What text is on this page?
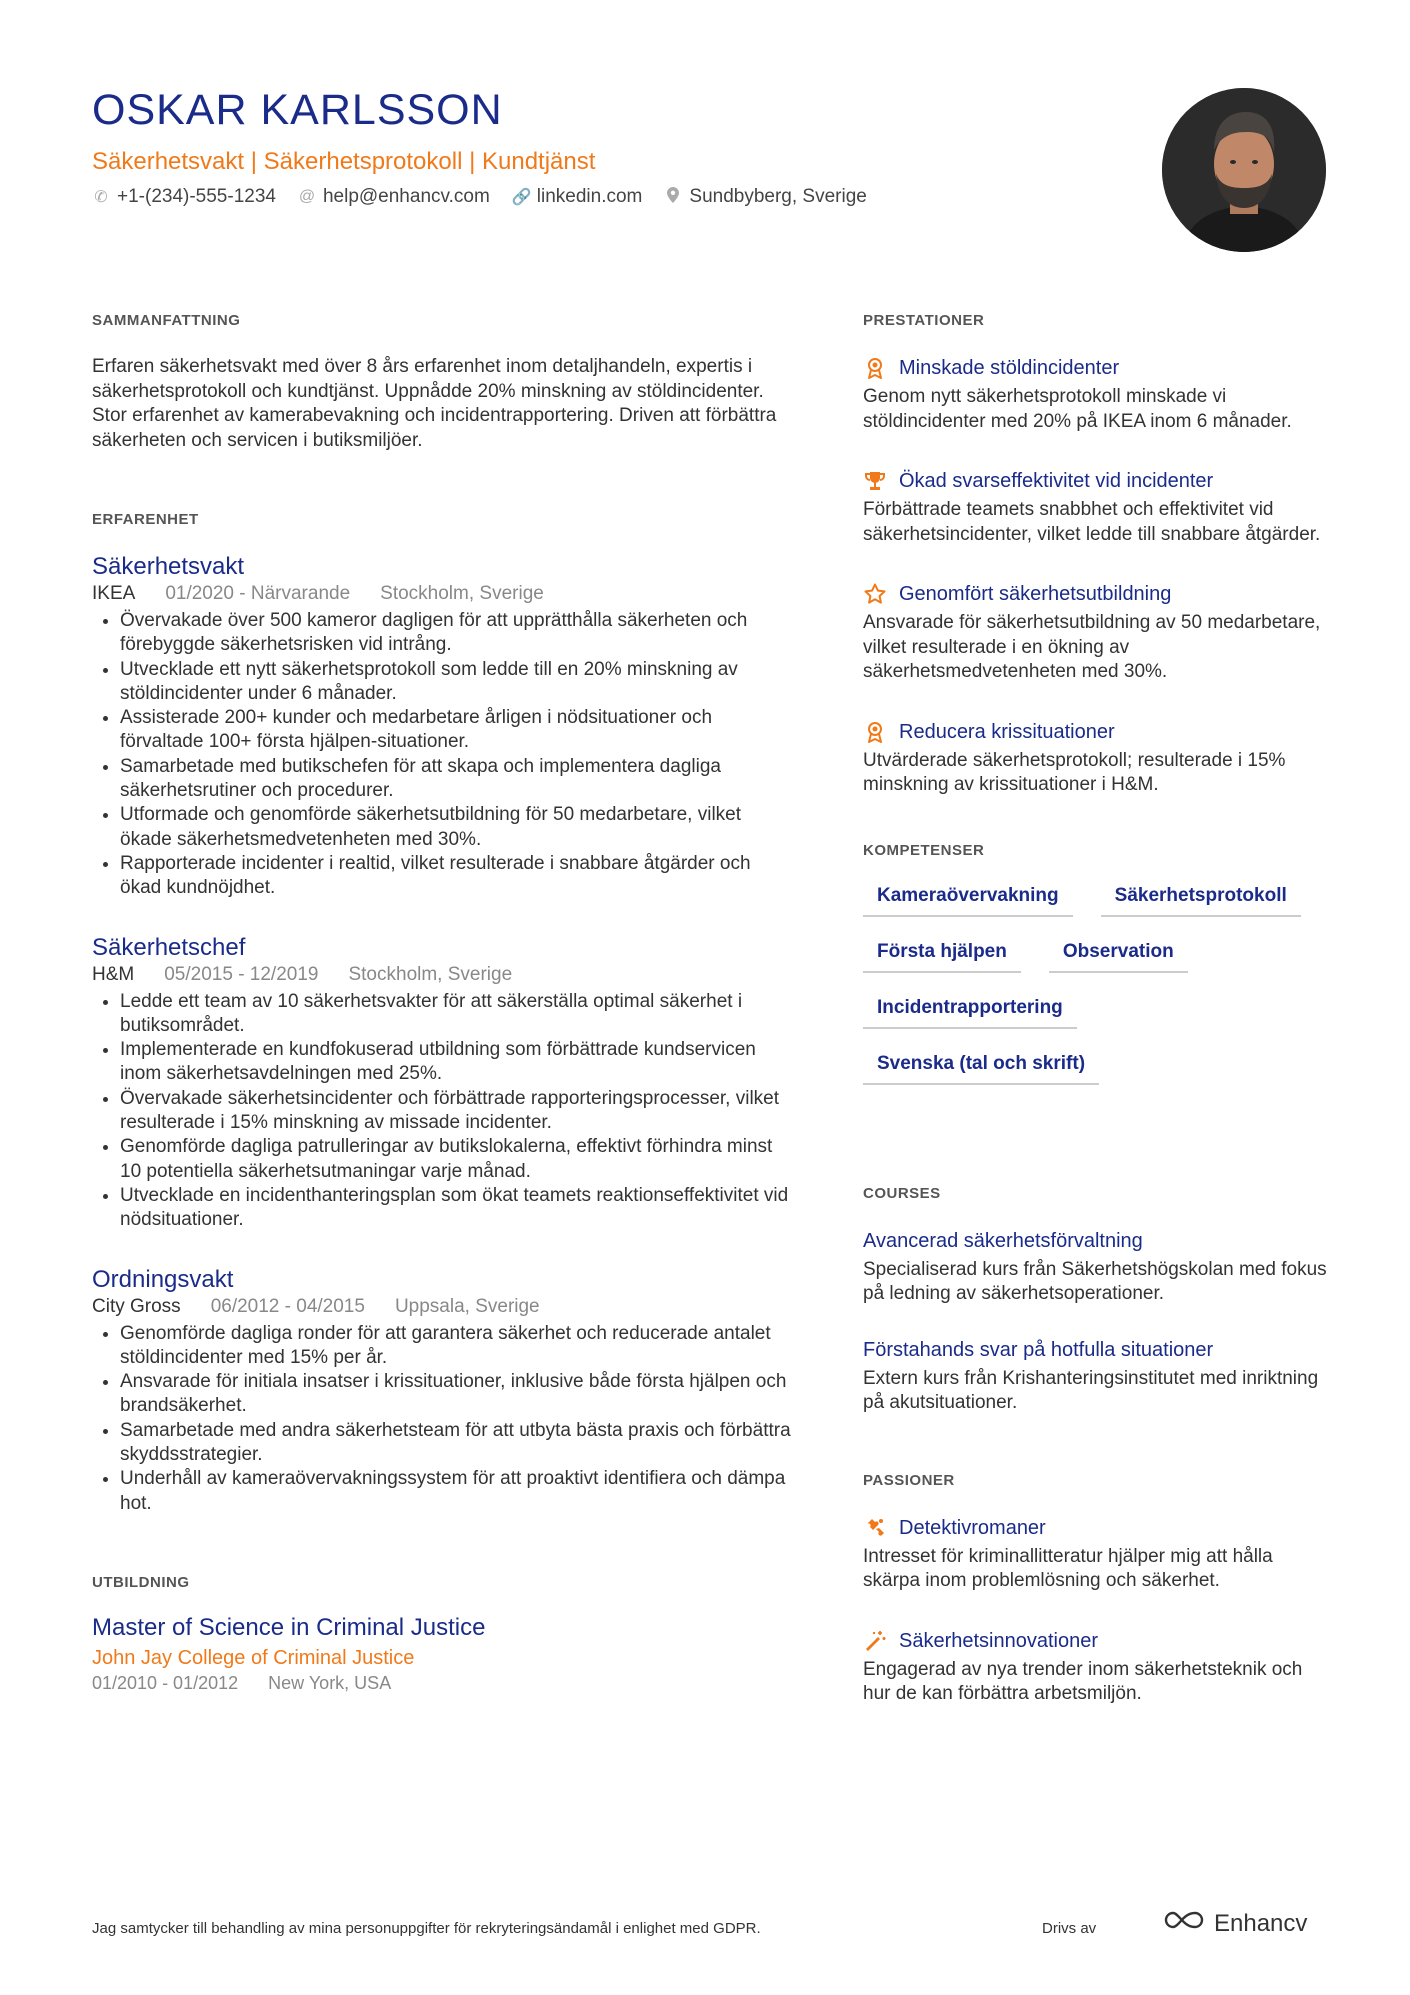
OSKAR KARLSSON
Säkerhetsvakt | Säkerhetsprotokoll | Kundtjänst
✆ +1-(234)-555-1234 @ help@enhancv.com 🔗 linkedin.com Sundbyberg, Sverige
SAMMANFATTNING

Erfaren säkerhetsvakt med över 8 års erfarenhet inom detaljhandeln, expertis i säkerhetsprotokoll och kundtjänst. Uppnådde 20% minskning av stöldincidenter. Stor erfarenhet av kamerabevakning och incidentrapportering. Driven att förbättra säkerheten och servicen i butiksmiljöer.

ERFARENHET
Säkerhetsvakt
IKEA 01/2020 - Närvarande Stockholm, Sverige
• Övervakade över 500 kameror dagligen för att upprätthålla säkerheten och förebyggde säkerhetsrisken vid intrång.
• Utvecklade ett nytt säkerhetsprotokoll som ledde till en 20% minskning av stöldincidenter under 6 månader.
• Assisterade 200+ kunder och medarbetare årligen i nödsituationer och förvaltade 100+ första hjälpen-situationer.
• Samarbetade med butikschefen för att skapa och implementera dagliga säkerhetsrutiner och procedurer.
• Utformade och genomförde säkerhetsutbildning för 50 medarbetare, vilket ökade säkerhetsmedvetenheten med 30%.
• Rapporterade incidenter i realtid, vilket resulterade i snabbare åtgärder och ökad kundnöjdhet.
Säkerhetschef
H&M 05/2015 - 12/2019 Stockholm, Sverige
• Ledde ett team av 10 säkerhetsvakter för att säkerställa optimal säkerhet i butiksområdet.
• Implementerade en kundfokuserad utbildning som förbättrade kundservicen inom säkerhetsavdelningen med 25%.
• Övervakade säkerhetsincidenter och förbättrade rapporteringsprocesser, vilket resulterade i 15% minskning av missade incidenter.
• Genomförde dagliga patrulleringar av butikslokalerna, effektivt förhindra minst 10 potentiella säkerhetsutmaningar varje månad.
• Utvecklade en incidenthanteringsplan som ökat teamets reaktionseffektivitet vid nödsituationer.
Ordningsvakt
City Gross 06/2012 - 04/2015 Uppsala, Sverige
• Genomförde dagliga ronder för att garantera säkerhet och reducerade antalet stöldincidenter med 15% per år.
• Ansvarade för initiala insatser i krissituationer, inklusive både första hjälpen och brandsäkerhet.
• Samarbetade med andra säkerhetsteam för att utbyta bästa praxis och förbättra skyddsstrategier.
• Underhåll av kameraövervakningssystem för att proaktivt identifiera och dämpa hot.
UTBILDNING
Master of Science in Criminal Justice
John Jay College of Criminal Justice
01/2010 - 01/2012 New York, USA
PRESTATIONER
Minskade stöldincidenter
Genom nytt säkerhetsprotokoll minskade vi stöldincidenter med 20% på IKEA inom 6 månader.
Ökad svarseffektivitet vid incidenter
Förbättrade teamets snabbhet och effektivitet vid säkerhetsincidenter, vilket ledde till snabbare åtgärder.
Genomfört säkerhetsutbildning
Ansvarade för säkerhetsutbildning av 50 medarbetare, vilket resulterade i en ökning av säkerhetsmedvetenheten med 30%.
Reducera krissituationer
Utvärderade säkerhetsprotokoll; resulterade i 15% minskning av krissituationer i H&M.
KOMPETENSER
Kameraövervakning	Säkerhetsprotokoll
Första hjälpen	Observation
Incidentrapportering
Svenska (tal och skrift)
COURSES
Avancerad säkerhetsförvaltning
Specialiserad kurs från Säkerhetshögskolan med fokus på ledning av säkerhetsoperationer.
Förstahands svar på hotfulla situationer
Extern kurs från Krishanteringsinstitutet med inriktning på akutsituationer.
PASSIONER
Detektivromaner
Intresset för kriminallitteratur hjälper mig att hålla skärpa inom problemlösning och säkerhet.
Säkerhetsinnovationer
Engagerad av nya trender inom säkerhetsteknik och hur de kan förbättra arbetsmiljön.
Jag samtycker till behandling av mina personuppgifter för rekryteringsändamål i enlighet med GDPR.	Drivs av	Enhancv
